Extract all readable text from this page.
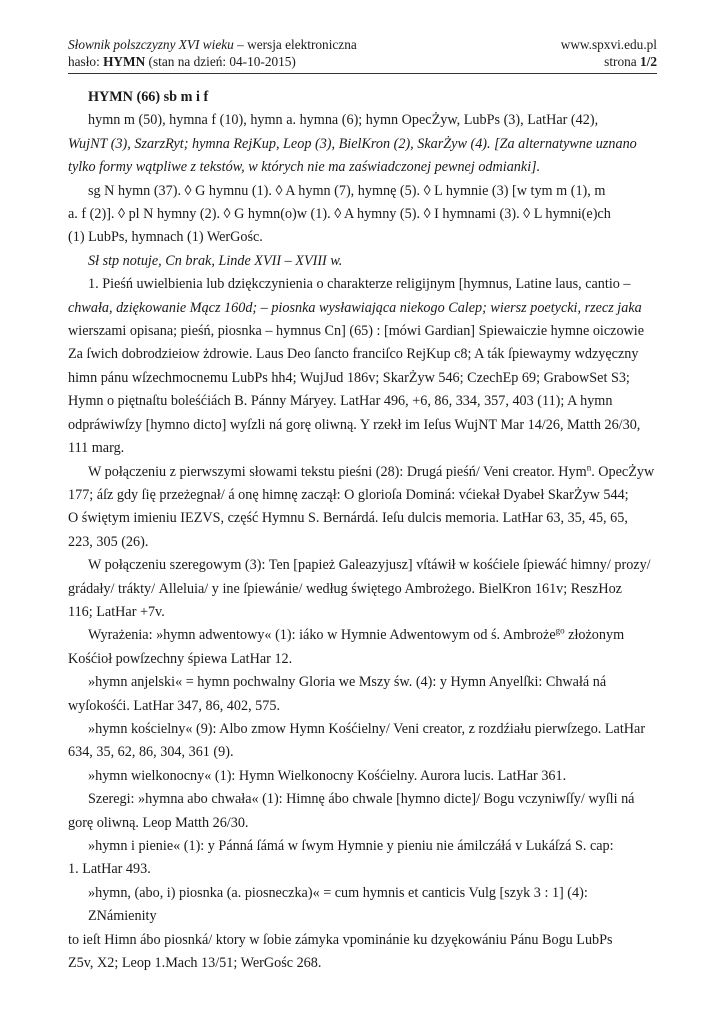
Słownik polszczyzny XVI wieku – wersja elektroniczna	www.spxvi.edu.pl
hasło: HYMN (stan na dzień: 04-10-2015)	strona 1/2
HYMN (66) sb m i f
hymn m (50), hymna f (10), hymn a. hymna (6); hymn OpecŻyw, LubPs (3), LatHar (42),
WujNT (3), SzarzRyt; hymna RejKup, Leop (3), BielKron (2), SkarŻyw (4). [Za alternatywne uznano
tylko formy wątpliwe z tekstów, w których nie ma zaświadczonej pewnej odmianki].
sg N hymn (37). ◊ G hymnu (1). ◊ A hymn (7), hymnę (5). ◊ L hymnie (3) [w tym m (1), m
a. f (2)]. ◊ pl N hymny (2). ◊ G hymn(o)w (1). ◊ A hymny (5). ◊ I hymnami (3). ◊ L hymni(e)ch
(1) LubPs, hymnach (1) WerGośc.
Sł stp notuje, Cn brak, Linde XVII – XVIII w.
1. Pieśń uwielbienia lub dziękczynienia o charakterze religijnym [hymnus, Latine laus, cantio –
chwała, dziękowanie Mącz 160d; – piosnka wysławiająca niekogo Calep; wiersz poetycki, rzecz jaka
wierszami opisana; pieśń, piosnka – hymnus Cn] (65) : [mówi Gardian] Spiewaiczie hymne oiczowie
Za ſwich dobrodzieiow żdrowie. Laus Deo ſancto franciſco RejKup c8; A ták ſpiewaymy wdzyęczny
himn pánu wſzechmocnemu LubPs hh4; WujJud 186v; SkarŻyw 546; CzechEp 69; GrabowSet S3;
Hymn o piętnaſtu boleśćiách B. Pánny Máryey. LatHar 496, +6, 86, 334, 357, 403 (11); A hymn
odpráwiwſzy [hymno dicto] wyſzli ná gorę oliwną. Y rzekł im Ieſus WujNT Mar 14/26, Matth 26/30,
111 marg.
W połączeniu z pierwszymi słowami tekstu pieśni (28): Drugá pieśń/ Veni creator. Hym$^n$. OpecŻyw
177; áſz gdy ſię przeżegnał/ á onę himnę zaczął: O glorioſa Dominá: vćiekał Dyabeł SkarŻyw 544;
O świętym imieniu IEZVS, część Hymnu S. Bernárdá. Ieſu dulcis memoria. LatHar 63, 35, 45, 65,
223, 305 (26).
W połączeniu szeregowym (3): Ten [papież Galeazyjusz] vſtáwił w kośćiele ſpiewáć himny/ prozy/
grádały/ tráktу/ Alleluia/ y ine ſpiewánie/ według świętego Ambrożego. BielKron 161v; ReszHoz
116; LatHar +7v.
Wyrażenia: »hymn adwentowy« (1): iáko w Hymnie Adwentowym od ś. Ambroże$^{go}$ złożonym
Kośćioł powſzechny śpiewa LatHar 12.
»hymn anjelski« = hymn pochwalny Gloria we Mszy św. (4): y Hymn Anyelſki: Chwałá ná
wyſokośći. LatHar 347, 86, 402, 575.
»hymn kościelny« (9): Albo zmow Hymn Kośćielny/ Veni creator, z rozdźiału pierwſzego. LatHar
634, 35, 62, 86, 304, 361 (9).
»hymn wielkonocny« (1): Hymn Wielkonocny Kośćielny. Aurora lucis. LatHar 361.
Szeregi: »hymna abo chwała« (1): Himnę ábo chwale [hymno dicte]/ Bogu vczyniwſſy/ wyſli ná
gorę oliwną. Leop Matth 26/30.
»hymn i pienie« (1): y Pánná ſámá w ſwym Hymnie y pieniu nie ámilczáłá v Lukáſzá S. cap:
1. LatHar 493.
»hymn, (abo, i) piosnka (a. piosneczka)« = cum hymnis et canticis Vulg [szyk 3 : 1] (4): ZNámienity
to ieſt Himn ábo piosnká/ ktory w ſobie zámyka vpominánie ku dzyękowániu Pánu Bogu LubPs
Z5v, X2; Leop 1.Mach 13/51; WerGośc 268.
